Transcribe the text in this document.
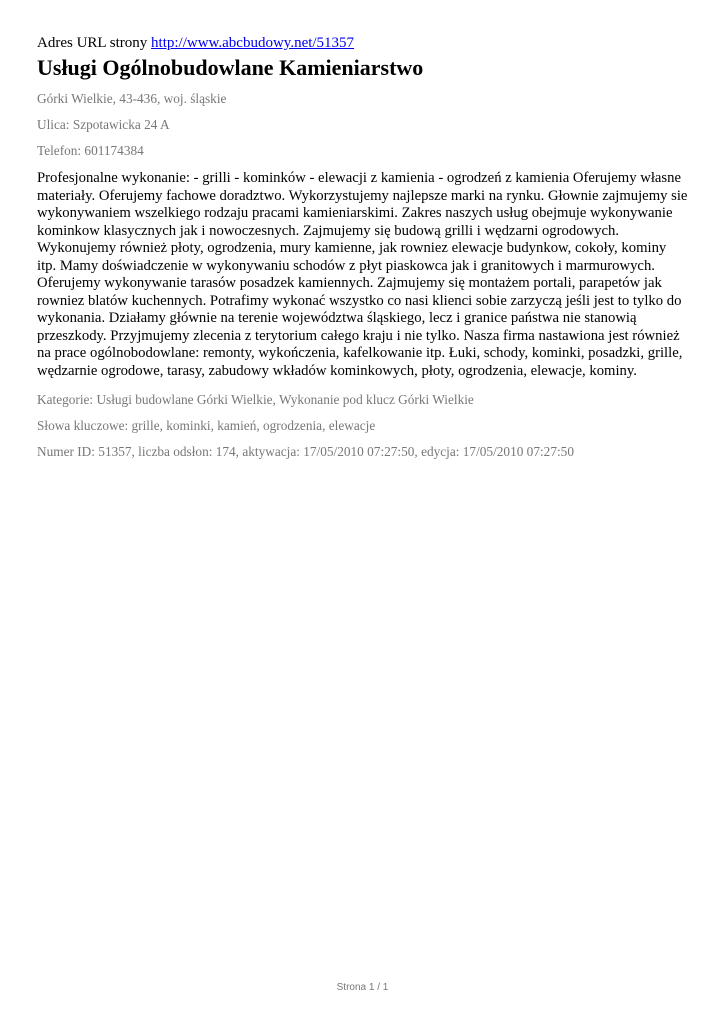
Adres URL strony http://www.abcbudowy.net/51357

Usługi Ogólnobudowlane Kamieniarstwo

Górki Wielkie, 43-436, woj. śląskie

Ulica: Szpotawicka 24 A

Telefon: 601174384

Profesjonalne wykonanie: - grilli - kominków - elewacji z kamienia - ogrodzeń z kamienia Oferujemy własne materiały. Oferujemy fachowe doradztwo. Wykorzystujemy najlepsze marki na rynku. Głownie zajmujemy sie wykonywaniem wszelkiego rodzaju pracami kamieniarskimi. Zakres naszych usług obejmuje wykonywanie kominkow klasycznych jak i nowoczesnych. Zajmujemy się budową grilli i wędzarni ogrodowych. Wykonujemy również płoty, ogrodzenia, mury kamienne, jak rowniez elewacje budynkow, cokoły, kominy itp. Mamy doświadczenie w wykonywaniu schodów z płyt piaskowca jak i granitowych i marmurowych. Oferujemy wykonywanie tarasów posadzek kamiennych. Zajmujemy się montażem portali, parapetów jak rowniez blatów kuchennych. Potrafimy wykonać wszystko co nasi klienci sobie zarzyczą jeśli jest to tylko do wykonania. Działamy głównie na terenie województwa śląskiego, lecz i granice państwa nie stanowią przeszkody. Przyjmujemy zlecenia z terytorium całego kraju i nie tylko. Nasza firma nastawiona jest również na prace ogólnobodowlane: remonty, wykończenia, kafelkowanie itp. Łuki, schody, kominki, posadzki, grille, wędzarnie ogrodowe, tarasy, zabudowy wkładów kominkowych, płoty, ogrodzenia, elewacje, kominy.

Kategorie: Usługi budowlane Górki Wielkie, Wykonanie pod klucz Górki Wielkie

Słowa kluczowe: grille, kominki, kamień, ogrodzenia, elewacje

Numer ID: 51357, liczba odsłon: 174, aktywacja: 17/05/2010 07:27:50, edycja: 17/05/2010 07:27:50

Strona 1 / 1
